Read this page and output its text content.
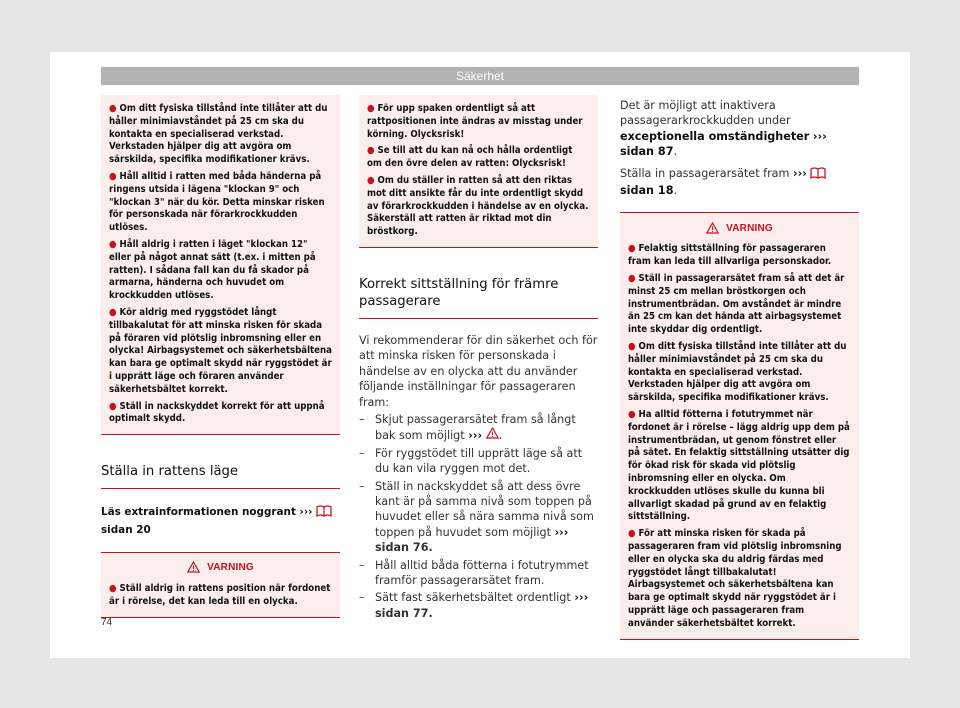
Säkerhet

● Om ditt fysiska tillstånd inte tillåter att du håller minimiavståndet på 25 cm ska du kontakta en specialiserad verkstad. Verkstaden hjälper dig att avgöra om särskilda, specifika modifikationer krävs.

● Håll alltid i ratten med båda händerna på ringens utsida i lägena "klockan 9" och "klockan 3" när du kör. Detta minskar risken för personskada när förarkrockkudden utlöses.

● Håll aldrig i ratten i läget "klockan 12" eller på något annat sätt (t.ex. i mitten på ratten). I sådana fall kan du få skador på armarna, händerna och huvudet om krockkudden utlöses.

● Kör aldrig med ryggstödet långt tillbakalutat för att minska risken för skada på föraren vid plötslig inbromsning eller en olycka! Airbagsystemet och säkerhetsbältena kan bara ge optimalt skydd när ryggstödet är i upprätt läge och föraren använder säkerhetsbältet korrekt.

● Ställ in nackskyddet korrekt för att uppnå optimalt skydd.

Ställa in rattens läge
Läs extrainformationen noggrant ›››  sidan 20
VARNING

● Ställ aldrig in rattens position när fordonet är i rörelse, det kan leda till en olycka.

● För upp spaken ordentligt så att rattpositionen inte ändras av misstag under körning. Olycksrisk!

● Se till att du kan nå och hålla ordentligt om den övre delen av ratten: Olycksrisk!

● Om du ställer in ratten så att den riktas mot ditt ansikte får du inte ordentligt skydd av förarkrockkudden i händelse av en olycka. Säkerställ att ratten är riktad mot din bröstkorg.

Korrekt sittställning för främre passagerare
Vi rekommenderar för din säkerhet och för att minska risken för personskada i händelse av en olycka att du använder följande inställningar för passageraren fram:
– Skjut passagerarsätet fram så långt bak som möjligt ››› .
– För ryggstödet till upprätt läge så att du kan vila ryggen mot det.
– Ställ in nackskyddet så att dess övre kant är på samma nivå som toppen på huvudet eller så nära samma nivå som toppen på huvudet som möjligt ››› sidan 76.
– Håll alltid båda fötterna i fotutrymmet framför passagerarsätet fram.
– Sätt fast säkerhetsbältet ordentligt ››› sidan 77.
Det är möjligt att inaktivera passagerarkrockkudden under exceptionella omständigheter ››› sidan 87.
Ställa in passagerarsätet fram ›››  sidan 18.
VARNING

● Felaktig sittställning för passageraren fram kan leda till allvarliga personskador.

● Ställ in passagerarsätet fram så att det är minst 25 cm mellan bröstkorgen och instrumentbrädan. Om avståndet är mindre än 25 cm kan det hända att airbagsystemet inte skyddar dig ordentligt.

● Om ditt fysiska tillstånd inte tillåter att du håller minimiavståndet på 25 cm ska du kontakta en specialiserad verkstad. Verkstaden hjälper dig att avgöra om särskilda, specifika modifikationer krävs.

● Ha alltid fötterna i fotutrymmet när fordonet är i rörelse – lägg aldrig upp dem på instrumentbrädan, ut genom fönstret eller på sätet. En felaktig sittställning utsätter dig för ökad risk för skada vid plötslig inbromsning eller en olycka. Om krockkudden utlöses skulle du kunna bli allvarligt skadad på grund av en felaktig sittställning.

● För att minska risken för skada på passageraren fram vid plötslig inbromsning eller en olycka ska du aldrig färdas med ryggstödet långt tillbakalutat! Airbagsystemet och säkerhetsbältena kan bara ge optimalt skydd när ryggstödet är i upprätt läge och passageraren fram använder säkerhetsbältet korrekt.

74
